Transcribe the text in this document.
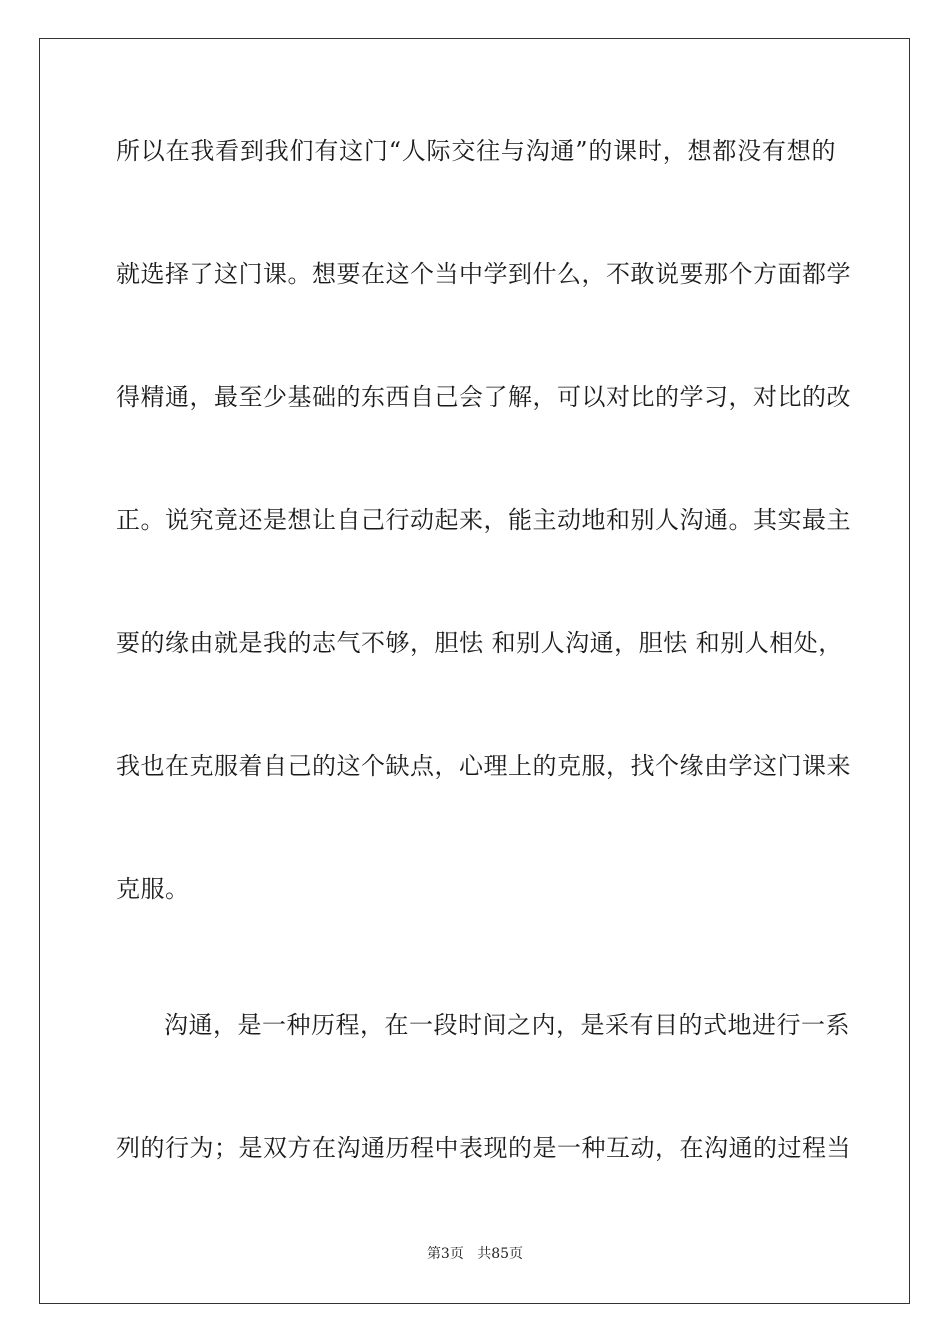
所以在我看到我们有这门“人际交往与沟通”的课时，想都没有想的
就选择了这门课。想要在这个当中学到什么，不敢说要那个方面都学
得精通，最至少基础的东西自己会了解，可以对比的学习，对比的改
正。说究竟还是想让自己行动起来，能主动地和别人沟通。其实最主
要的缘由就是我的志气不够，胆怯 和别人沟通，胆怯 和别人相处，
我也在克服着自己的这个缺点，心理上的克服，找个缘由学这门课来
克服。
沟通，是一种历程，在一段时间之内，是采有目的式地进行一系
列的行为；是双方在沟通历程中表现的是一种互动，在沟通的过程当
第3页 共85页
